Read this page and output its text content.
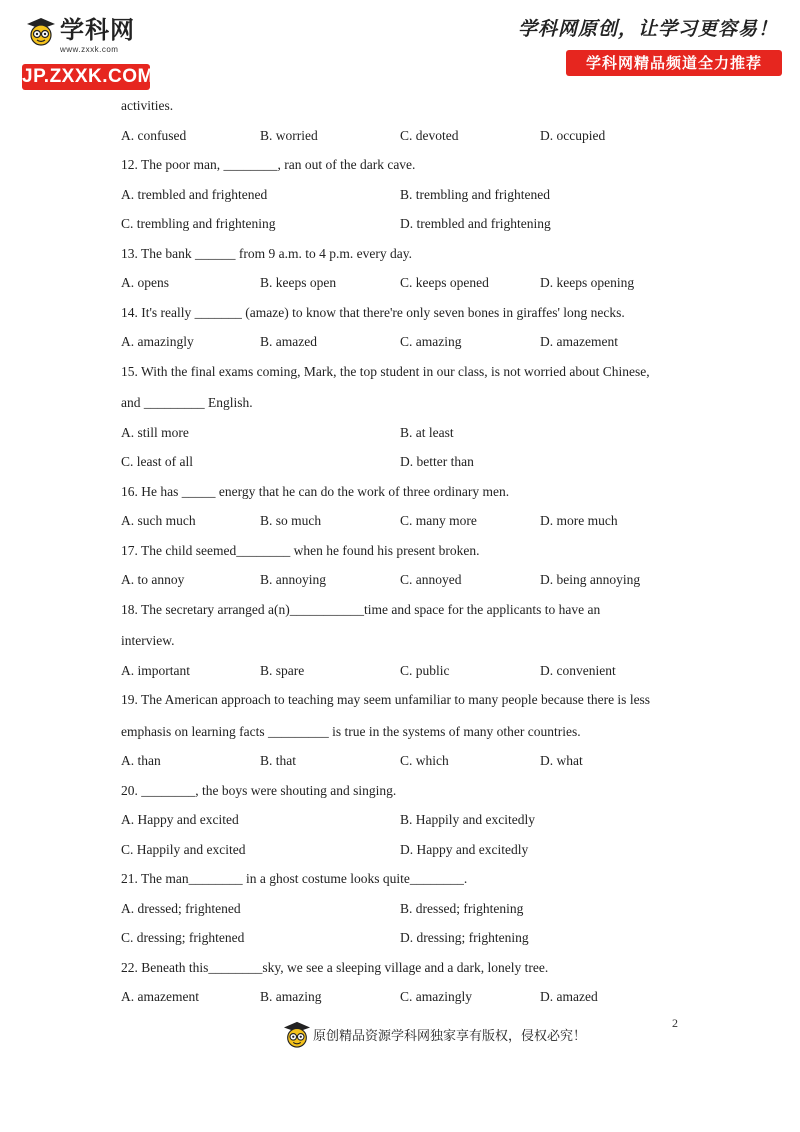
学科网
www.zxxk.com
JP.ZXXK.COM
学科网原创，让学习更容易！
学科网精品频道全力推荐
activities.
A. confused	B. worried	C. devoted	D. occupied
12. The poor man, ________, ran out of the dark cave.
A. trembled and frightened	B. trembling and frightened
C. trembling and frightening	D. trembled and frightening
13. The bank ______ from 9 a.m. to 4 p.m. every day.
A. opens	B. keeps open	C. keeps opened	D. keeps opening
14. It's really _______ (amaze) to know that there're only seven bones in giraffes' long necks.
A. amazingly	B. amazed	C. amazing	D. amazement
15. With the final exams coming, Mark, the top student in our class, is not worried about Chinese,
and _________ English.
A. still more	B. at least
C. least of all	D. better than
16. He has _____ energy that he can do the work of three ordinary men.
A. such much	B. so much	C. many more	D. more much
17. The child seemed________ when he found his present broken.
A. to annoy	B. annoying	C. annoyed	D. being annoying
18. The secretary arranged a(n)___________time and space for the applicants to have an
interview.
A. important	B. spare	C. public	D. convenient
19. The American approach to teaching may seem unfamiliar to many people because there is less
emphasis on learning facts _________ is true in the systems of many other countries.
A. than	B. that	C. which	D. what
20. ________, the boys were shouting and singing.
A. Happy and excited	B. Happily and excitedly
C. Happily and excited	D. Happy and excitedly
21. The man________ in a ghost costume looks quite________.
A. dressed; frightened	B. dressed; frightening
C. dressing; frightened	D. dressing; frightening
22. Beneath this________sky, we see a sleeping village and a dark, lonely tree.
A. amazement	B. amazing	C. amazingly	D. amazed
原创精品资源学科网独家享有版权，侵权必究！
2
